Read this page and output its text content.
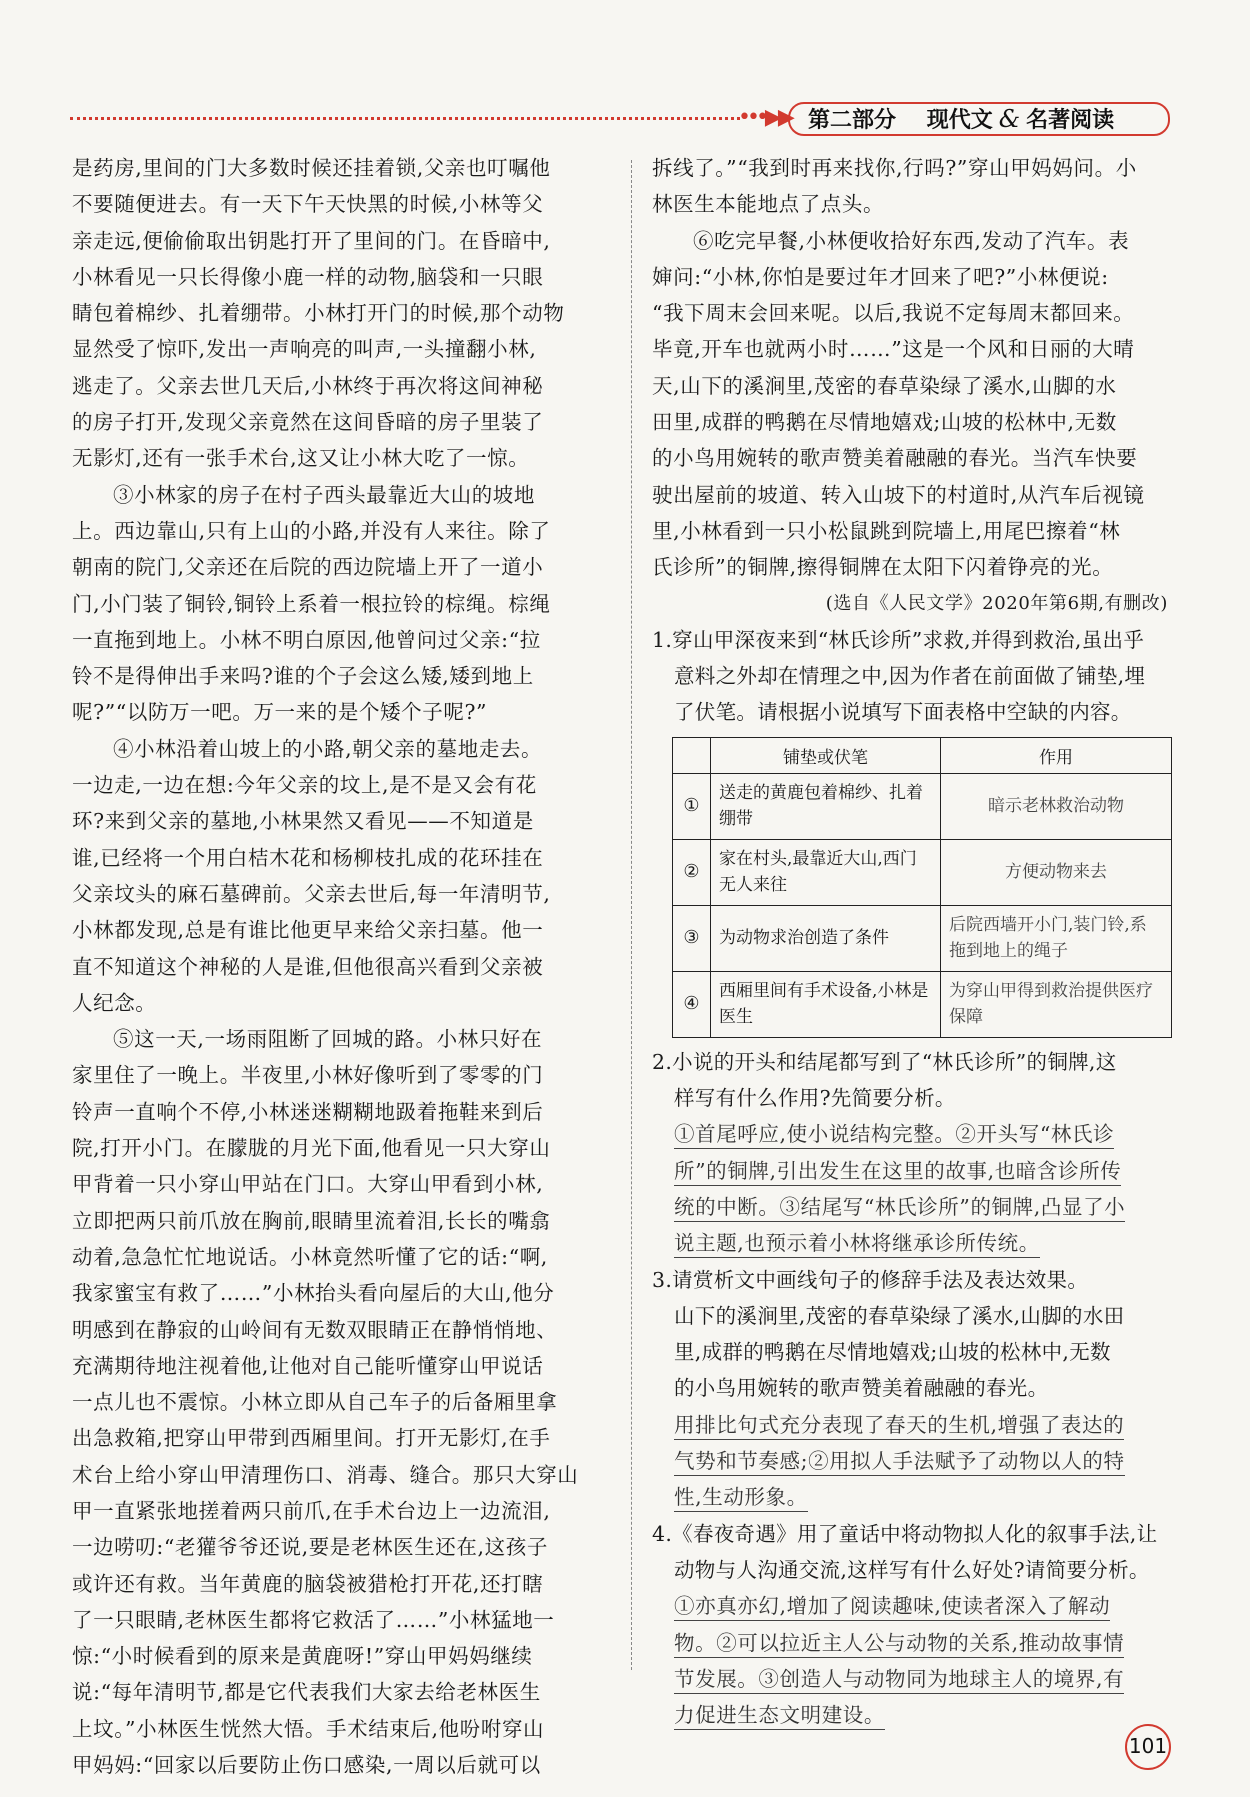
•••▶▶ 第二部分 现代文 & 名著阅读
是药房,里间的门大多数时候还挂着锁,父亲也叮嘱他
不要随便进去。有一天下午天快黑的时候,小林等父
亲走远,便偷偷取出钥匙打开了里间的门。在昏暗中,
小林看见一只长得像小鹿一样的动物,脑袋和一只眼
睛包着棉纱、扎着绷带。小林打开门的时候,那个动物
显然受了惊吓,发出一声响亮的叫声,一头撞翻小林,
逃走了。父亲去世几天后,小林终于再次将这间神秘
的房子打开,发现父亲竟然在这间昏暗的房子里装了
无影灯,还有一张手术台,这又让小林大吃了一惊。
③小林家的房子在村子西头最靠近大山的坡地
上。西边靠山,只有上山的小路,并没有人来往。除了
朝南的院门,父亲还在后院的西边院墙上开了一道小
门,小门装了铜铃,铜铃上系着一根拉铃的棕绳。棕绳
一直拖到地上。小林不明白原因,他曾问过父亲:“拉
铃不是得伸出手来吗?谁的个子会这么矮,矮到地上
呢?”“以防万一吧。万一来的是个矮个子呢?”
④小林沿着山坡上的小路,朝父亲的墓地走去。
一边走,一边在想:今年父亲的坟上,是不是又会有花
环?来到父亲的墓地,小林果然又看见——不知道是
谁,已经将一个用白桔木花和杨柳枝扎成的花环挂在
父亲坟头的麻石墓碑前。父亲去世后,每一年清明节,
小林都发现,总是有谁比他更早来给父亲扫墓。他一
直不知道这个神秘的人是谁,但他很高兴看到父亲被
人纪念。
⑤这一天,一场雨阻断了回城的路。小林只好在
家里住了一晚上。半夜里,小林好像听到了零零的门
铃声一直响个不停,小林迷迷糊糊地趿着拖鞋来到后
院,打开小门。在朦胧的月光下面,他看见一只大穿山
甲背着一只小穿山甲站在门口。大穿山甲看到小林,
立即把两只前爪放在胸前,眼睛里流着泪,长长的嘴翕
动着,急急忙忙地说话。小林竟然听懂了它的话:“啊,
我家蜜宝有救了……”小林抬头看向屋后的大山,他分
明感到在静寂的山岭间有无数双眼睛正在静悄悄地、
充满期待地注视着他,让他对自己能听懂穿山甲说话
一点儿也不震惊。小林立即从自己车子的后备厢里拿
出急救箱,把穿山甲带到西厢里间。打开无影灯,在手
术台上给小穿山甲清理伤口、消毒、缝合。那只大穿山
甲一直紧张地搓着两只前爪,在手术台边上一边流泪,
一边唠叨:“老獾爷爷还说,要是老林医生还在,这孩子
或许还有救。当年黄鹿的脑袋被猎枪打开花,还打瞎
了一只眼睛,老林医生都将它救活了……”小林猛地一
惊:“小时候看到的原来是黄鹿呀!”穿山甲妈妈继续
说:“每年清明节,都是它代表我们大家去给老林医生
上坟。”小林医生恍然大悟。手术结束后,他吩咐穿山
甲妈妈:“回家以后要防止伤口感染,一周以后就可以
拆线了。”“我到时再来找你,行吗?”穿山甲妈妈问。小
林医生本能地点了点头。
⑥吃完早餐,小林便收拾好东西,发动了汽车。表
婶问:“小林,你怕是要过年才回来了吧?”小林便说:
“我下周末会回来呢。以后,我说不定每周末都回来。
毕竟,开车也就两小时……”这是一个风和日丽的大晴
天,山下的溪涧里,茂密的春草染绿了溪水,山脚的水
田里,成群的鸭鹅在尽情地嬉戏;山坡的松林中,无数
的小鸟用婉转的歌声赞美着融融的春光。当汽车快要
驶出屋前的坡道、转入山坡下的村道时,从汽车后视镜
里,小林看到一只小松鼠跳到院墙上,用尾巴擦着“林
氏诊所”的铜牌,擦得铜牌在太阳下闪着铮亮的光。
(选自《人民文学》2020年第6期,有删改)
1.穿山甲深夜来到“林氏诊所”求救,并得到救治,虽出乎
意料之外却在情理之中,因为作者在前面做了铺垫,埋
了伏笔。请根据小说填写下面表格中空缺的内容。
	铺垫或伏笔	作用
①	送走的黄鹿包着棉纱、扎着绷带	暗示老林救治动物
②	家在村头,最靠近大山,西门无人来往	方便动物来去
③	为动物求治创造了条件	后院西墙开小门,装门铃,系拖到地上的绳子
④	西厢里间有手术设备,小林是医生	为穿山甲得到救治提供医疗保障
2.小说的开头和结尾都写到了“林氏诊所”的铜牌,这
样写有什么作用?先简要分析。
①首尾呼应,使小说结构完整。②开头写“林氏诊
所”的铜牌,引出发生在这里的故事,也暗含诊所传
统的中断。③结尾写“林氏诊所”的铜牌,凸显了小
说主题,也预示着小林将继承诊所传统。
3.请赏析文中画线句子的修辞手法及表达效果。
山下的溪涧里,茂密的春草染绿了溪水,山脚的水田
里,成群的鸭鹅在尽情地嬉戏;山坡的松林中,无数
的小鸟用婉转的歌声赞美着融融的春光。
用排比句式充分表现了春天的生机,增强了表达的
气势和节奏感;②用拟人手法赋予了动物以人的特
性,生动形象。
4.《春夜奇遇》用了童话中将动物拟人化的叙事手法,让
动物与人沟通交流,这样写有什么好处?请简要分析。
①亦真亦幻,增加了阅读趣味,使读者深入了解动
物。②可以拉近主人公与动物的关系,推动故事情
节发展。③创造人与动物同为地球主人的境界,有
力促进生态文明建设。
101
